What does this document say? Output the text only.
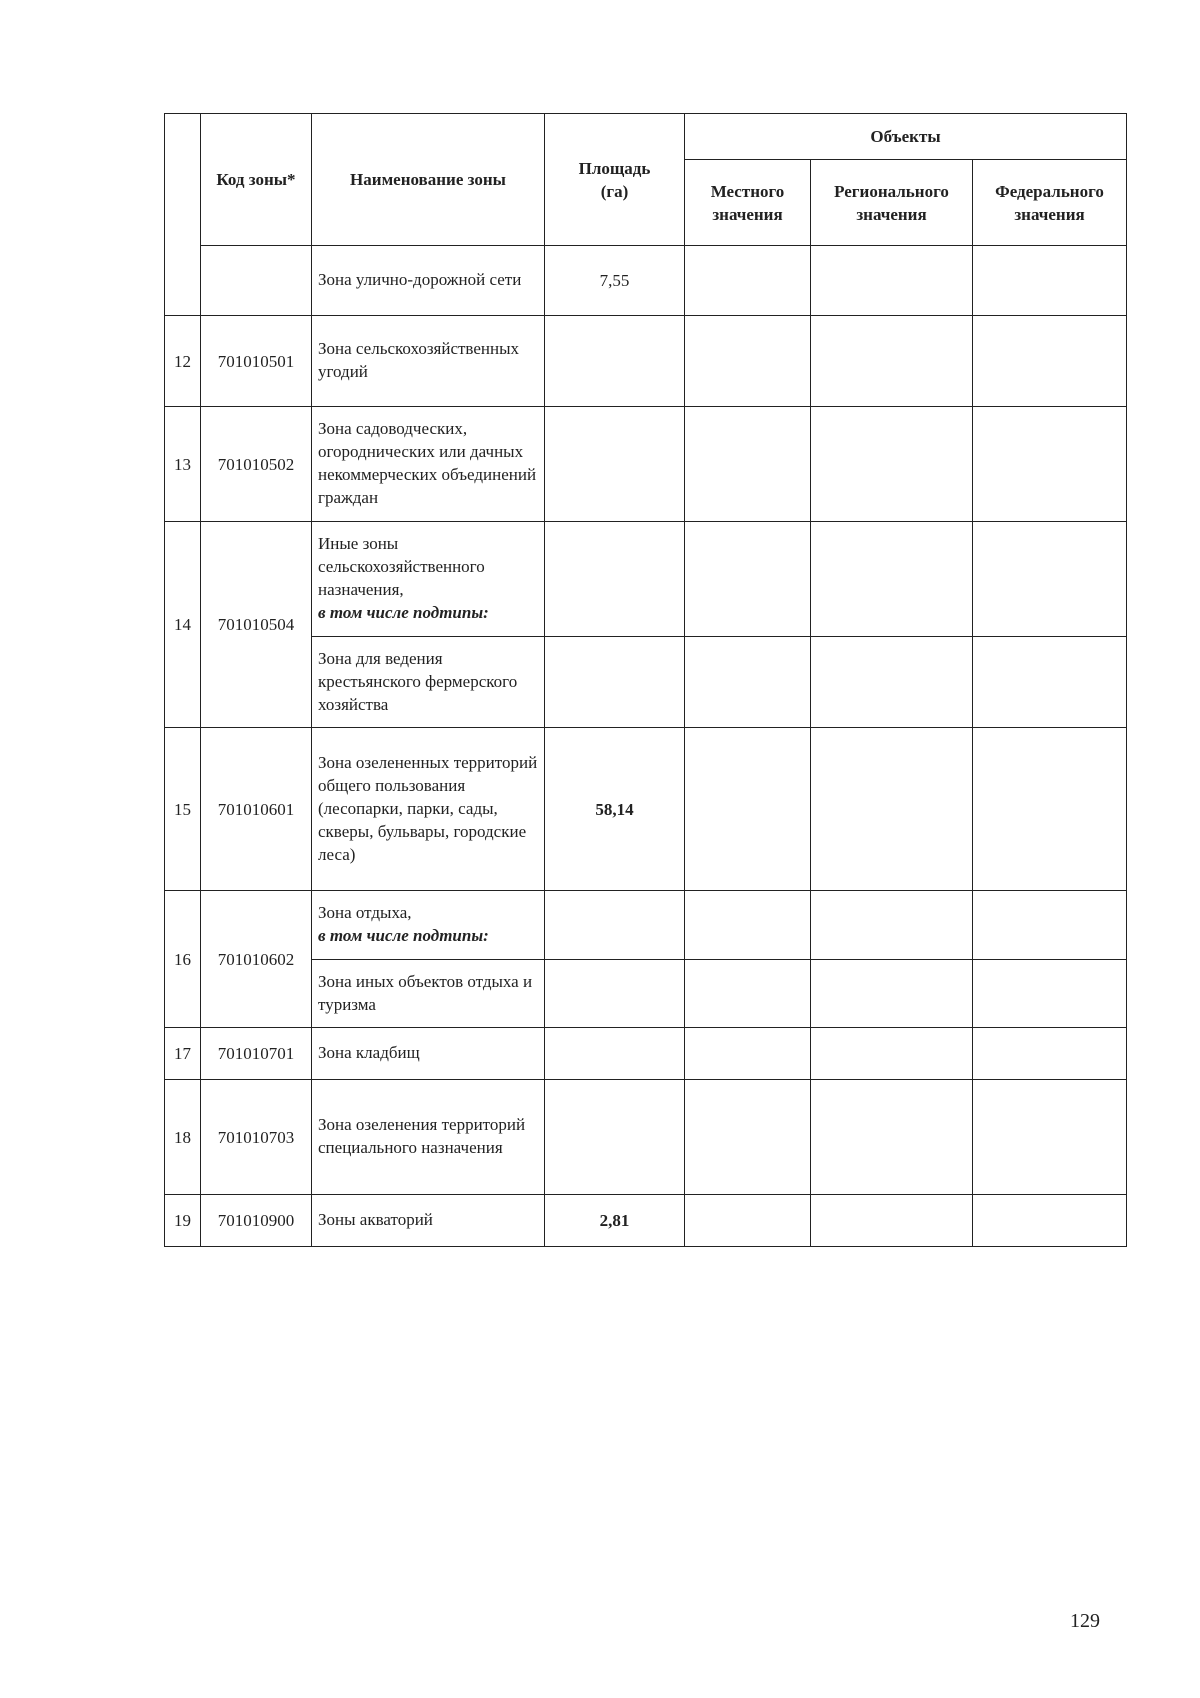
	Код зоны*	Наименование зоны	Площадь (га)	Объекты		
				Местного значения	Регионального значения	Федерального значения
		Зона улично-дорожной сети	7,55			
12	701010501	Зона сельскохозяйственных угодий				
13	701010502	Зона садоводческих, огороднических или дачных некоммерческих объединений граждан				
14	701010504	Иные зоны сельскохозяйственного назначения,
в том числе подтипы:				

		Зона для ведения крестьянского фермерского хозяйства				
15	701010601	Зона озелененных территорий общего пользования (лесопарки, парки, сады, скверы, бульвары, городские леса)	58,14			
16	701010602	Зона отдыха,
в том числе подтипы:				

		Зона иных объектов отдыха и туризма				
17	701010701	Зона кладбищ				
18	701010703	Зона озеленения территорий специального назначения				
19	701010900	Зоны акваторий	2,81			
129
